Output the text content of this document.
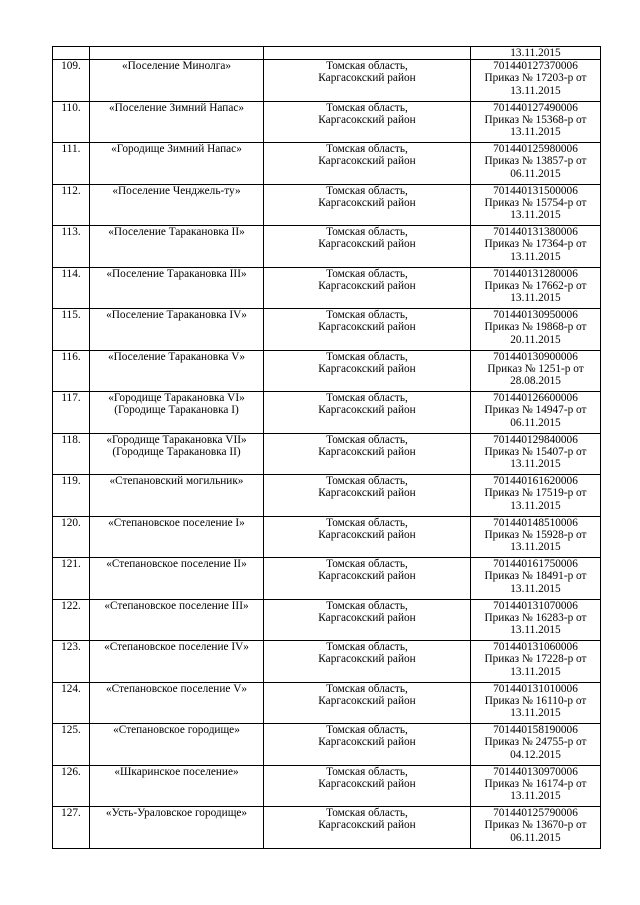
			13.11.2015
109.	«Поселение Минолга»	Томская область,
Каргасокский район	701440127370006
Приказ № 17203-р от
13.11.2015

110.	«Поселение Зимний Напас»	Томская область,
Каргасокский район	701440127490006
Приказ № 15368-р от
13.11.2015

111.	«Городище Зимний Напас»	Томская область,
Каргасокский район	701440125980006
Приказ № 13857-р от
06.11.2015

112.	«Поселение Ченджель-ту»	Томская область,
Каргасокский район	701440131500006
Приказ № 15754-р от
13.11.2015

113.	«Поселение Таракановка II»	Томская область,
Каргасокский район	701440131380006
Приказ № 17364-р от
13.11.2015

114.	«Поселение Таракановка III»	Томская область,
Каргасокский район	701440131280006
Приказ № 17662-р от
13.11.2015

115.	«Поселение Таракановка IV»	Томская область,
Каргасокский район	701440130950006
Приказ № 19868-р от
20.11.2015

116.	«Поселение Таракановка V»	Томская область,
Каргасокский район	701440130900006
Приказ № 1251-р от
28.08.2015

117.	«Городище Таракановка VI»
(Городище Таракановка I)	Томская область,
Каргасокский район	701440126600006
Приказ № 14947-р от
06.11.2015

118.	«Городище Таракановка VII»
(Городище Таракановка II)	Томская область,
Каргасокский район	701440129840006
Приказ № 15407-р от
13.11.2015

119.	«Степановский могильник»	Томская область,
Каргасокский район	701440161620006
Приказ № 17519-р от
13.11.2015

120.	«Степановское поселение I»	Томская область,
Каргасокский район	701440148510006
Приказ № 15928-р от
13.11.2015

121.	«Степановское поселение II»	Томская область,
Каргасокский район	701440161750006
Приказ № 18491-р от
13.11.2015

122.	«Степановское поселение III»	Томская область,
Каргасокский район	701440131070006
Приказ № 16283-р от
13.11.2015

123.	«Степановское поселение IV»	Томская область,
Каргасокский район	701440131060006
Приказ № 17228-р от
13.11.2015

124.	«Степановское поселение V»	Томская область,
Каргасокский район	701440131010006
Приказ № 16110-р от
13.11.2015

125.	«Степановское городище»	Томская область,
Каргасокский район	701440158190006
Приказ № 24755-р от
04.12.2015

126.	«Шкаринское поселение»	Томская область,
Каргасокский район	701440130970006
Приказ № 16174-р от
13.11.2015

127.	«Усть-Ураловское городище»	Томская область,
Каргасокский район	701440125790006
Приказ № 13670-р от
06.11.2015
